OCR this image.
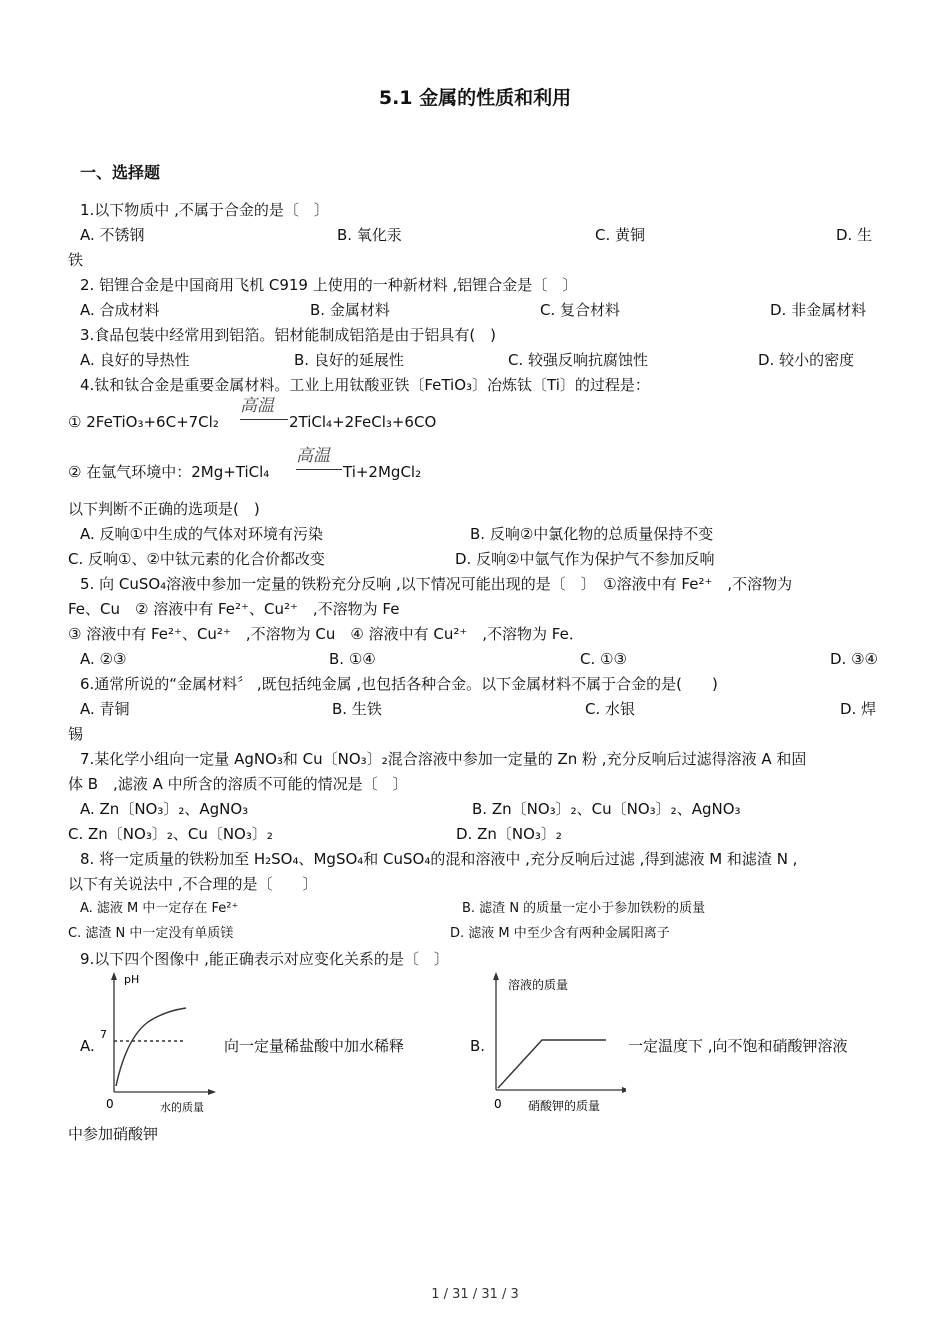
5.1 金属的性质和利用
一、选择题
1.以下物质中 ,不属于合金的是〔　〕
A. 不锈钢	B. 氧化汞	C. 黄铜	D. 生
铁
2. 铝锂合金是中国商用飞机 C919 上使用的一种新材料 ,铝锂合金是〔　〕
A. 合成材料	B. 金属材料	C. 复合材料	D. 非金属材料
3.食品包装中经常用到铝箔。铝材能制成铝箔是由于铝具有(　)
A. 良好的导热性	B. 良好的延展性	C. 较强反响抗腐蚀性	D. 较小的密度
4.钛和钛合金是重要金属材料。工业上用钛酸亚铁〔FeTiO₃〕冶炼钛〔Ti〕的过程是：
① 2FeTiO₃+6C+7Cl₂
高温
2TiCl₄+2FeCl₃+6CO
② 在氩气环境中：2Mg+TiCl₄
高温
Ti+2MgCl₂
以下判断不正确的选项是(　)
A. 反响①中生成的气体对环境有污染	B. 反响②中氯化物的总质量保持不变
C. 反响①、②中钛元素的化合价都改变	D. 反响②中氩气作为保护气不参加反响
5. 向 CuSO₄溶液中参加一定量的铁粉充分反响 ,以下情况可能出现的是〔　〕　①溶液中有 Fe²⁺　,不溶物为
Fe、Cu　② 溶液中有 Fe²⁺、Cu²⁺　,不溶物为 Fe
③ 溶液中有 Fe²⁺、Cu²⁺　,不溶物为 Cu　④ 溶液中有 Cu²⁺　,不溶物为 Fe．
A. ②③	B. ①④	C. ①③	D. ③④
6.通常所说的“金属材料〞 ,既包括纯金属 ,也包括各种合金。以下金属材料不属于合金的是(　　)
A. 青铜	B. 生铁	C. 水银	D. 焊
锡
7.某化学小组向一定量 AgNO₃和 Cu〔NO₃〕₂混合溶液中参加一定量的 Zn 粉 ,充分反响后过滤得溶液 A 和固
体 B　,滤液 A 中所含的溶质不可能的情况是〔　〕
A. Zn〔NO₃〕₂、AgNO₃	B. Zn〔NO₃〕₂、Cu〔NO₃〕₂、AgNO₃
C. Zn〔NO₃〕₂、Cu〔NO₃〕₂	D. Zn〔NO₃〕₂
8. 将一定质量的铁粉加至 H₂SO₄、MgSO₄和 CuSO₄的混和溶液中 ,充分反响后过滤 ,得到滤液 M 和滤渣 N ,
以下有关说法中 ,不合理的是〔　　〕
A. 滤液 M 中一定存在 Fe²⁺	B. 滤渣 N 的质量一定小于参加铁粉的质量
C. 滤渣 N 中一定没有单质镁	D. 滤液 M 中至少含有两种金属阳离子
9.以下四个图像中 ,能正确表示对应变化关系的是〔　〕
A.
pH
7
0	水的质量
向一定量稀盐酸中加水稀释	B.
溶液的质量
0 硝酸钾的质量
一定温度下 ,向不饱和硝酸钾溶液
中参加硝酸钾
1 / 31 / 31 / 3
